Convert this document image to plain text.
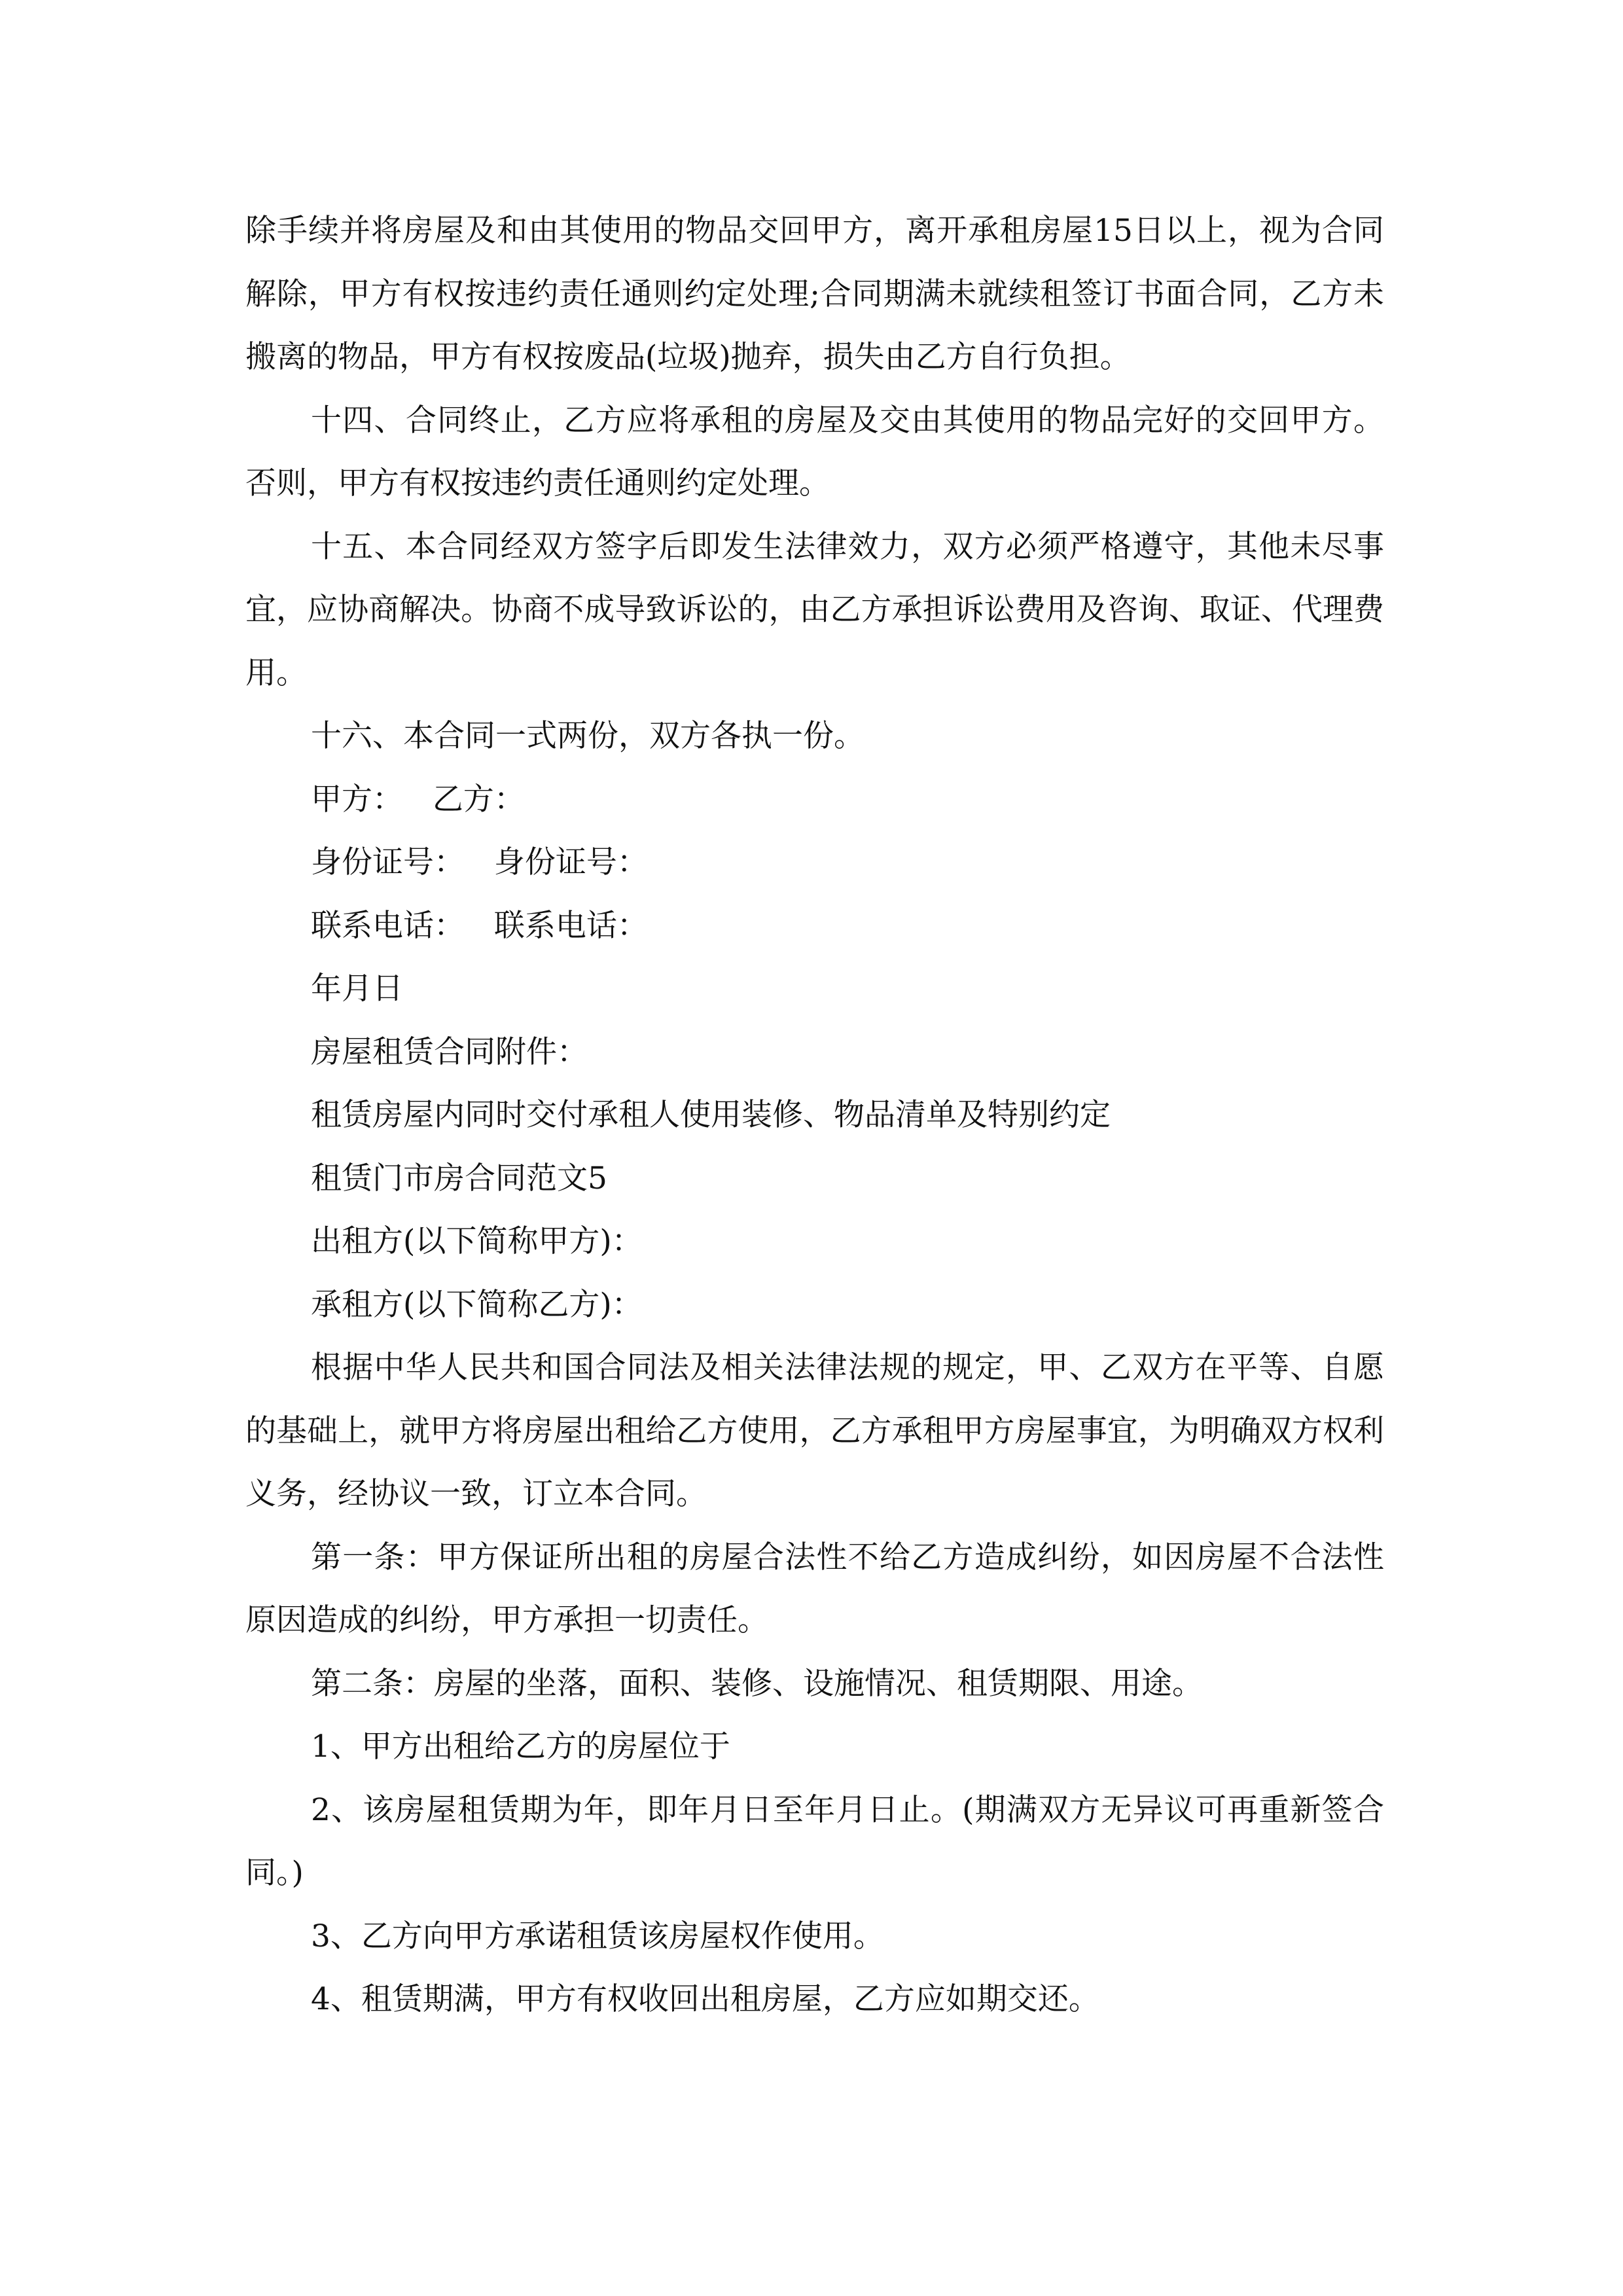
除手续并将房屋及和由其使用的物品交回甲方，离开承租房屋15日以上，视为合同解除，甲方有权按违约责任通则约定处理;合同期满未就续租签订书面合同，乙方未搬离的物品，甲方有权按废品(垃圾)抛弃，损失由乙方自行负担。

十四、合同终止，乙方应将承租的房屋及交由其使用的物品完好的交回甲方。否则，甲方有权按违约责任通则约定处理。

十五、本合同经双方签字后即发生法律效力，双方必须严格遵守，其他未尽事宜，应协商解决。协商不成导致诉讼的，由乙方承担诉讼费用及咨询、取证、代理费用。

十六、本合同一式两份，双方各执一份。

甲方：   乙方：

身份证号：   身份证号：

联系电话：   联系电话：

年月日

房屋租赁合同附件：

租赁房屋内同时交付承租人使用装修、物品清单及特别约定

租赁门市房合同范文5

出租方(以下简称甲方)：

承租方(以下简称乙方)：

根据中华人民共和国合同法及相关法律法规的规定，甲、乙双方在平等、自愿的基础上，就甲方将房屋出租给乙方使用，乙方承租甲方房屋事宜，为明确双方权利义务，经协议一致，订立本合同。

第一条：甲方保证所出租的房屋合法性不给乙方造成纠纷，如因房屋不合法性原因造成的纠纷，甲方承担一切责任。

第二条：房屋的坐落，面积、装修、设施情况、租赁期限、用途。

1、甲方出租给乙方的房屋位于

2、该房屋租赁期为年，即年月日至年月日止。(期满双方无异议可再重新签合同。)

3、乙方向甲方承诺租赁该房屋权作使用。

4、租赁期满，甲方有权收回出租房屋，乙方应如期交还。
